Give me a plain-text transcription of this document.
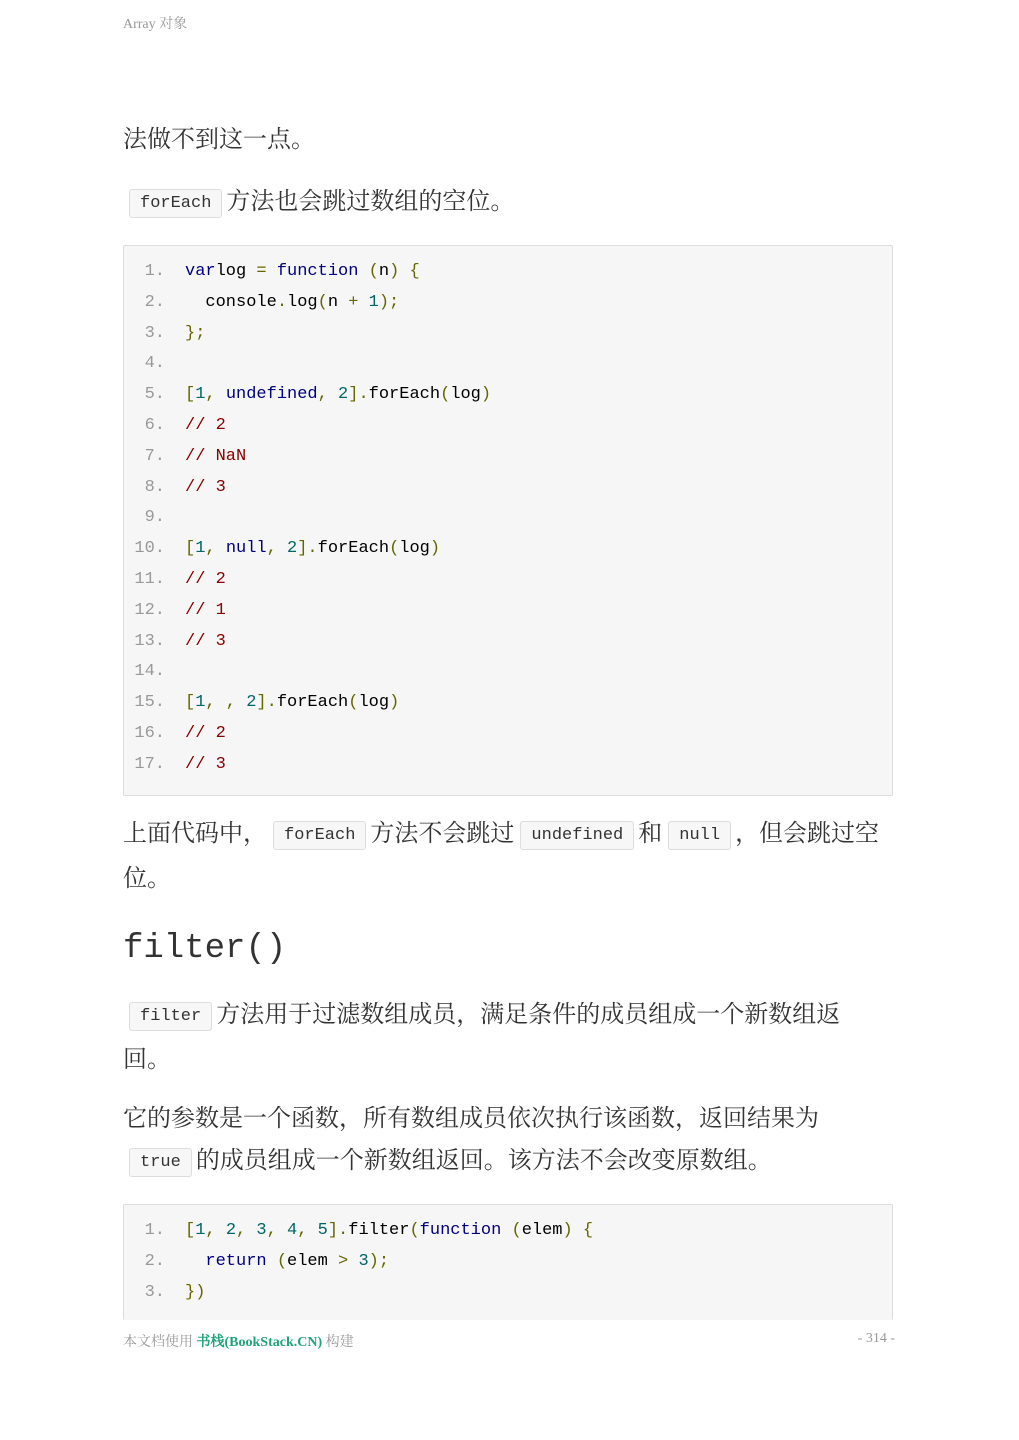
Array 对象

法做不到这一点。

forEach 方法也会跳过数组的空位。

1. varlog = function (n) {
2. console.log(n + 1);
3. };
4.
5. [1, undefined, 2].forEach(log)
6. // 2
7. // NaN
8. // 3
9.
10. [1, null, 2].forEach(log)
11. // 2
12. // 1
13. // 3
14.
15. [1, , 2].forEach(log)
16. // 2
17. // 3

上面代码中， forEach 方法不会跳过 undefined 和 null ，但会跳过空位。

filter()

filter 方法用于过滤数组成员，满足条件的成员组成一个新数组返回。

它的参数是一个函数，所有数组成员依次执行该函数，返回结果为true 的成员组成一个新数组返回。该方法不会改变原数组。

1. [1, 2, 3, 4, 5].filter(function (elem) {
2.	return (elem > 3);
3. })
本文档使用 书栈(BookStack.CN) 构建	- 314 -
